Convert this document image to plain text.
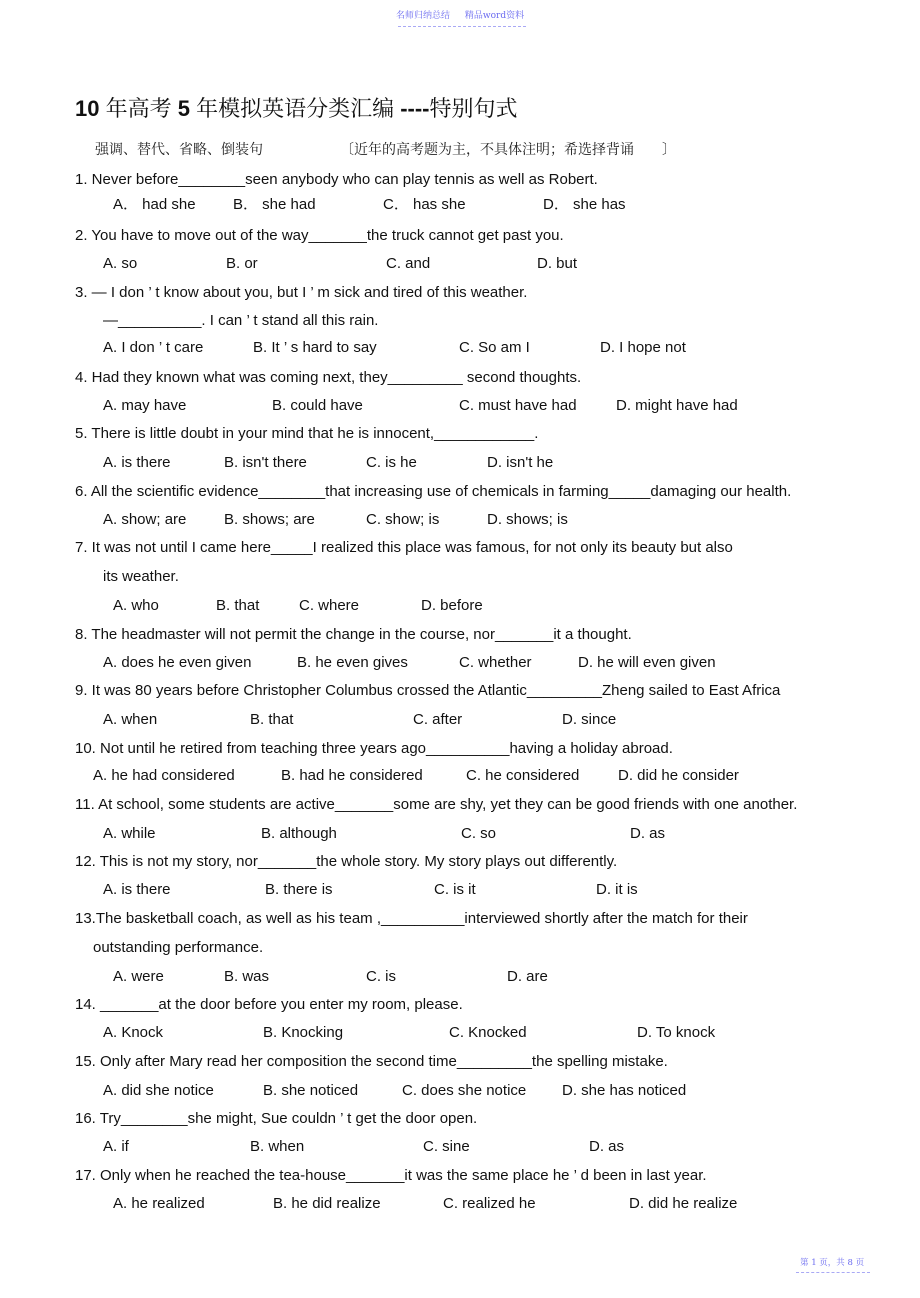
名师归纳总结 精品word资料
10 年高考 5 年模拟英语分类汇编 ----特别句式
强调、替代、省略、倒装句	〔近年的高考题为主，不具体注明；希选择背诵　　〕
1. Never before________seen anybody who can play tennis as well as Robert.
A． had she B． she had	C． has she	D． she has
2. You have to move out of the way_______the truck cannot get past you.
A. so	B. or	C. and	D. but
3. — I don ’ t know about you, but I ’ m sick and tired of this weather.
—__________. I can ’ t stand all this rain.
A. I don ’ t care	B. It ’ s hard to say	C. So am I	D. I hope not
4. Had they known what was coming next, they_________ second thoughts.
A. may have	B. could have	C. must have had	D. might have had
5. There is little doubt in your mind that he is innocent,____________.
A. is there	B. isn't there	C. is he	D. isn't he
6. All the scientific evidence________that increasing use of chemicals in farming_____damaging our health.
A. show; are	B. shows; are	C. show; is	D. shows; is
7. It was not until I came here_____I realized this place was famous, for not only its beauty but also
its weather.
A. who	B. that	C. where	D. before
8. The headmaster will not permit the change in the course, nor_______it a thought.
A. does he even given	B. he even gives	C. whether	D. he will even given
9. It was 80 years before Christopher Columbus crossed the Atlantic_________Zheng sailed to East Africa
A. when	B. that	C. after	D. since
10. Not until he retired from teaching three years ago__________having a holiday abroad.
A. he had considered	B. had he considered	C. he considered	D. did he consider
11. At school, some students are active_______some are shy, yet they can be good friends with one another.
A. while	B. although	C. so	D. as
12. This is not my story, nor_______the whole story. My story plays out differently.
A. is there	B. there is	C. is it	D. it is
13.The basketball coach, as well as his team ,__________interviewed shortly after the match for their
outstanding performance.
A. were	B. was	C. is	D. are
14. _______at the door before you enter my room, please.
A. Knock	B. Knocking	C. Knocked	D. To knock
15. Only after Mary read her composition the second time_________the spelling mistake.
A. did she notice	B. she noticed	C. does she notice D. she has noticed
16. Try________she might, Sue couldn ’ t get the door open.
A. if	B. when	C. sine	D. as
17. Only when he reached the tea-house_______it was the same place he ’ d been in last year.
A. he realized	B. he did realize	C. realized he	D. did he realize
第 1 页，共 8 页
